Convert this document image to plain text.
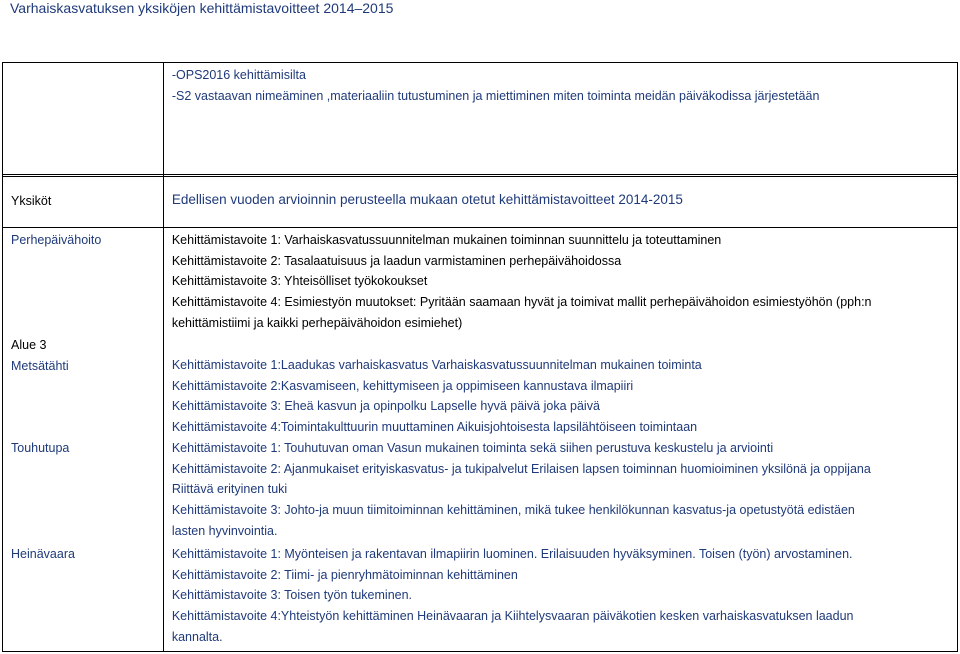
Varhaiskasvatuksen yksiköjen kehittämistavoitteet 2014–2015
-OPS2016 kehittämisilta
-S2 vastaavan nimeäminen ,materiaaliin tutustuminen ja miettiminen miten toiminta meidän päiväkodissa järjestetään
Yksiköt	Edellisen vuoden arvioinnin perusteella mukaan otetut kehittämistavoitteet 2014-2015
Perhepäivähoito	Kehittämistavoite 1: Varhaiskasvatussuunnitelman mukainen toiminnan suunnittelu ja toteuttaminen
Kehittämistavoite 2: Tasalaatuisuus ja laadun varmistaminen perhepäivähoidossa
Kehittämistavoite 3: Yhteisölliset työkokoukset
Kehittämistavoite 4: Esimiestyön muutokset: Pyritään saamaan hyvät ja toimivat mallit perhepäivähoidon esimiestyöhön (pph:n
kehittämistiimi ja kaikki perhepäivähoidon esimiehet)
Alue 3
Metsätähti	Kehittämistavoite 1:Laadukas varhaiskasvatus Varhaiskasvatussuunnitelman mukainen toiminta
Kehittämistavoite 2:Kasvamiseen, kehittymiseen ja oppimiseen kannustava ilmapiiri
Kehittämistavoite 3: Eheä kasvun ja opinpolku Lapselle hyvä päivä joka päivä
Kehittämistavoite 4:Toimintakulttuurin muuttaminen Aikuisjohtoisesta lapsilähtöiseen toimintaan
Touhutupa	Kehittämistavoite 1: Touhutuvan oman Vasun mukainen toiminta sekä siihen perustuva keskustelu ja arviointi
Kehittämistavoite 2: Ajanmukaiset erityiskasvatus- ja tukipalvelut Erilaisen lapsen toiminnan huomioiminen yksilönä ja oppijana
Riittävä erityinen tuki
Kehittämistavoite 3: Johto-ja muun tiimitoiminnan kehittäminen, mikä tukee henkilökunnan kasvatus-ja opetustyötä edistäen
lasten hyvinvointia.
Heinävaara	Kehittämistavoite 1: Myönteisen ja rakentavan ilmapiirin luominen. Erilaisuuden hyväksyminen. Toisen (työn) arvostaminen.
Kehittämistavoite 2: Tiimi- ja pienryhmätoiminnan kehittäminen
Kehittämistavoite 3: Toisen työn tukeminen.
Kehittämistavoite 4:Yhteistyön kehittäminen Heinävaaran ja Kiihtelysvaaran päiväkotien kesken varhaiskasvatuksen laadun
kannalta.
